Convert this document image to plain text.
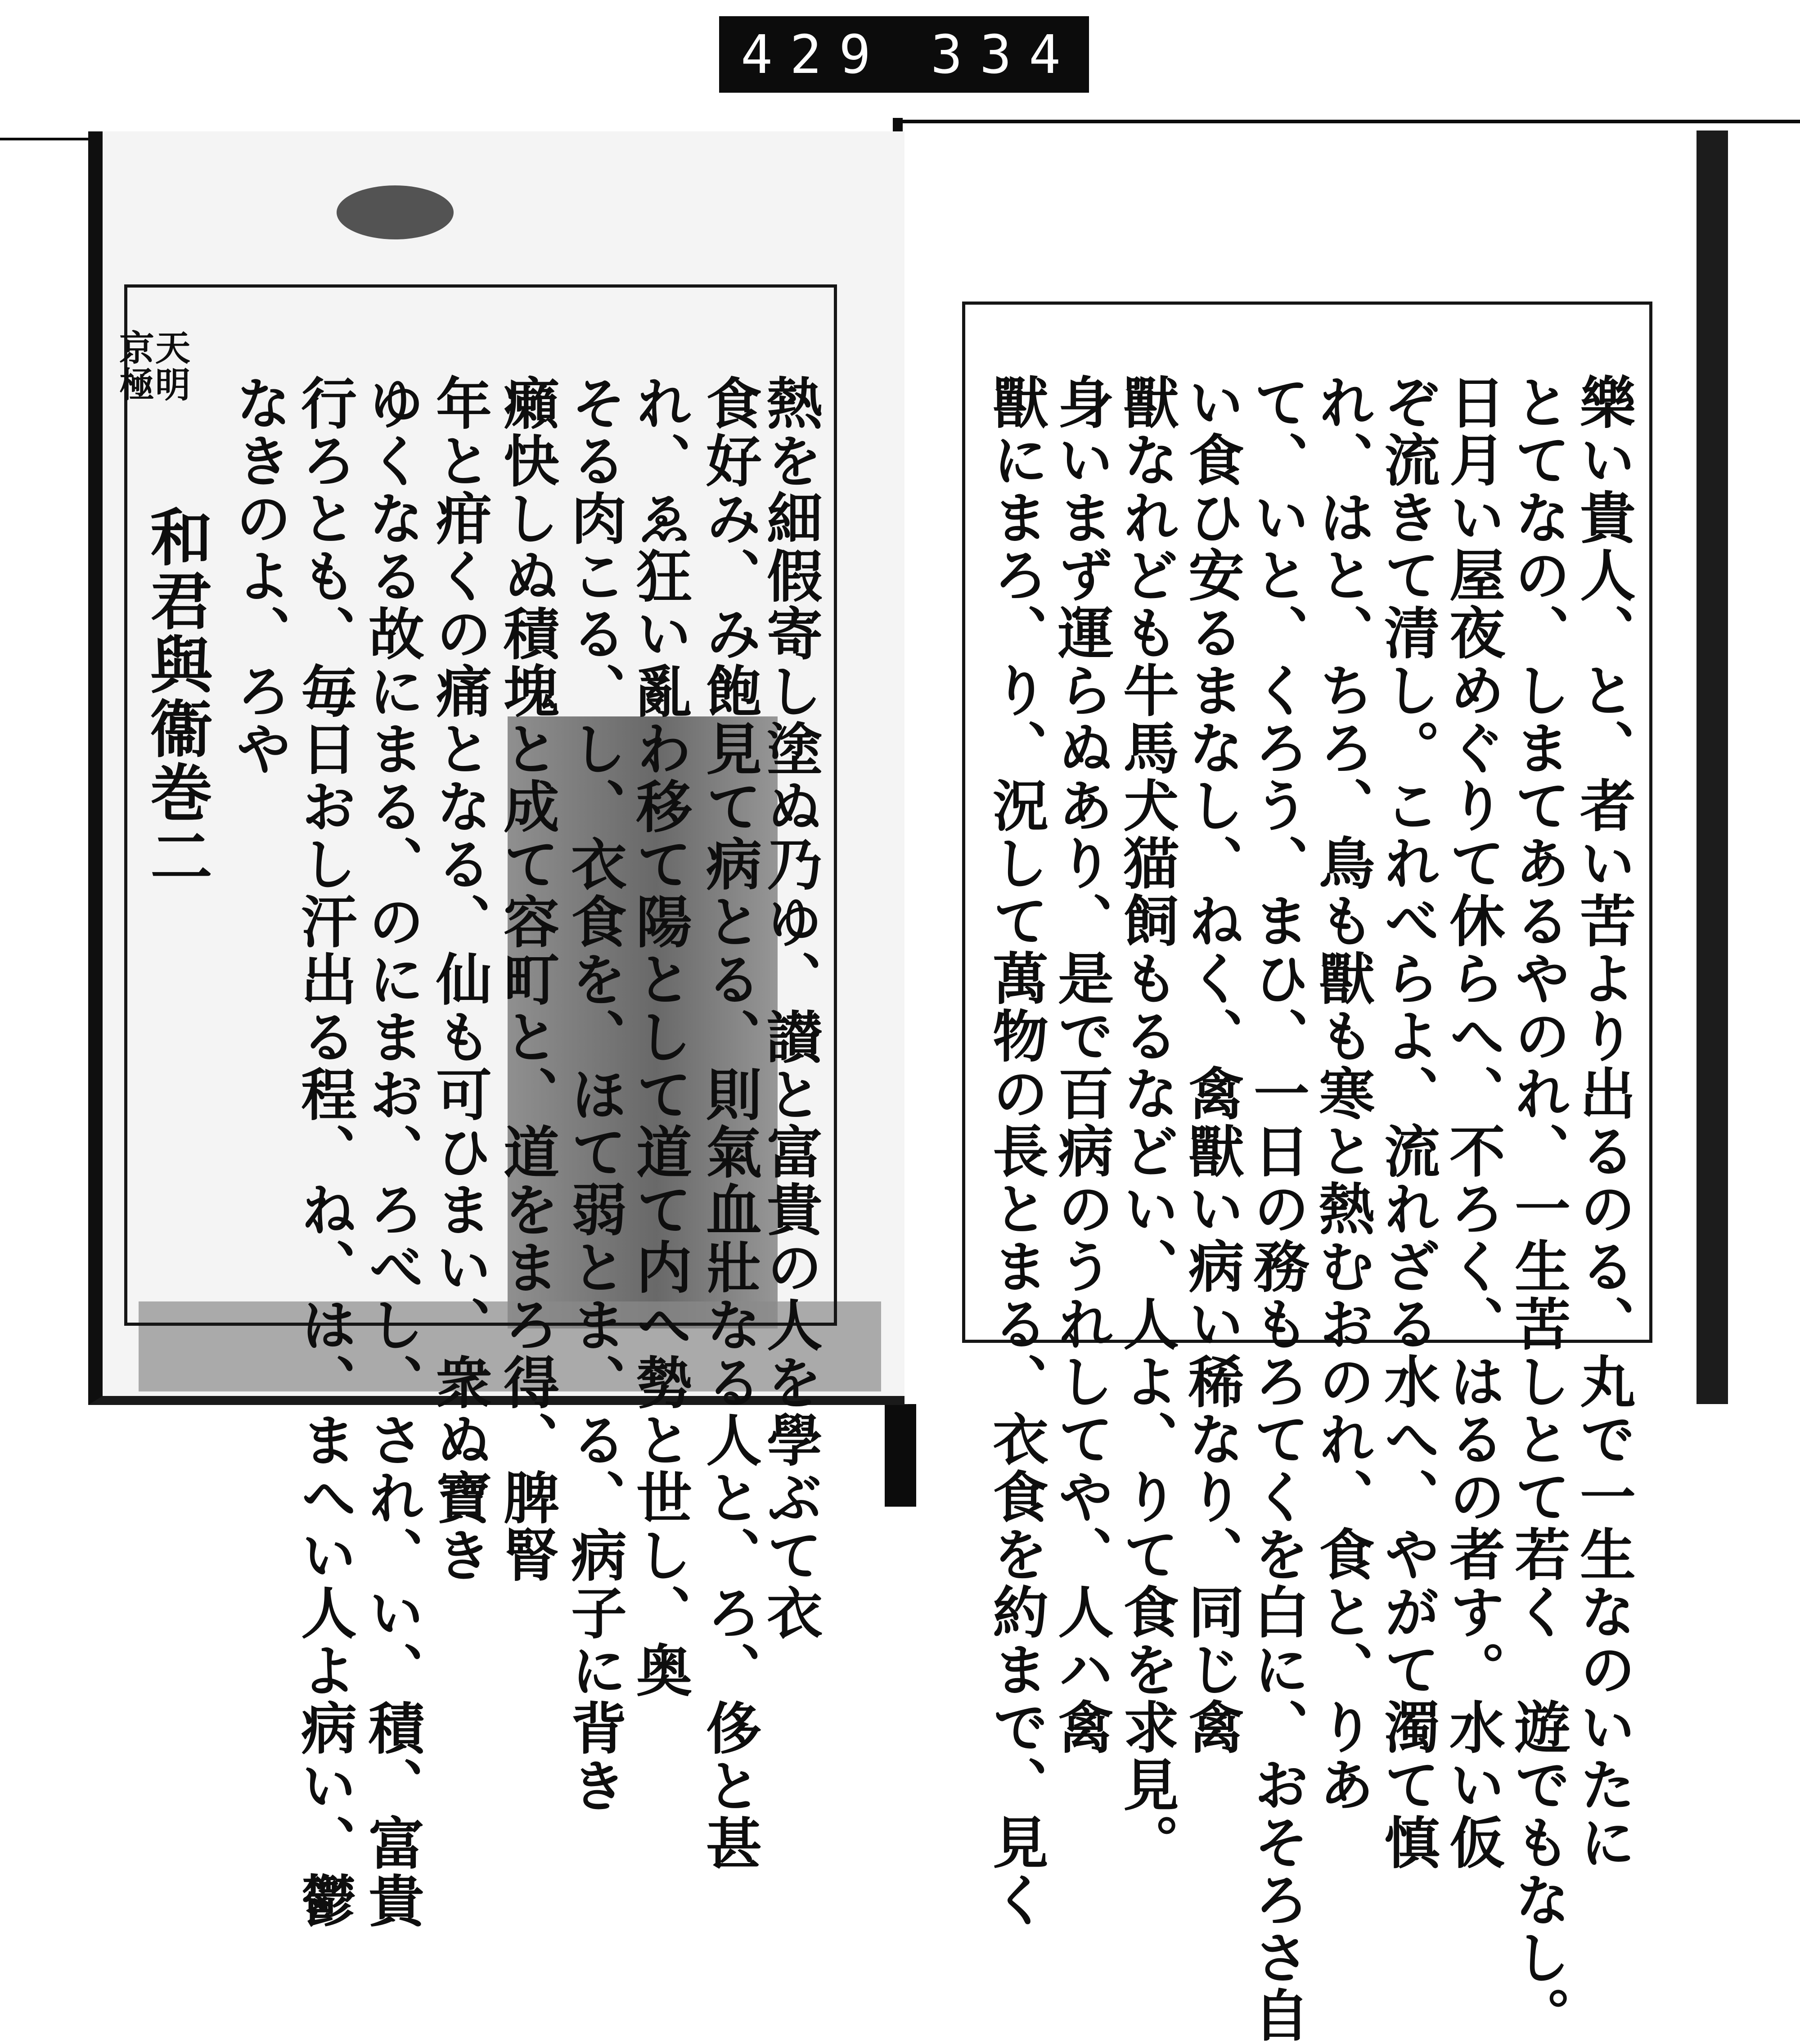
429 334.
和君與衞巻二
天明
京極
熱を細假寄し塗ぬ乃ゆ、讃と富貴の人を學ぶて衣
食好み、み飽見て病とる、則氣血壯なる人と、ろ、侈と甚
れ、ゑ狂い亂わ移て陽として道て内へ勢と世し、奥
そる肉こる、し、衣食を、ほて弱とま、る、病子に背き
癩快しぬ積塊と成て容町と、道をまろ得、脾腎
年と疳くの痛となる、仙も可ひまい、衆ぬ寶き
ゆくなる故にまる、のにまお、ろべし、され、い、積、富貴
行ろとも、毎日おし汗出る程、ね、は、まへい人よ病い、鬱
なきのよ、ろや	樂い貴人、と、者い苦より出るのる、丸で一生なのいたに
とてなの、しまてあるやのれ、一生苦しとて若く　遊でもなし。
日月い屋夜めぐりて休らへ、不ろく、はるの者す。水い仮
ぞ流きて清し。これべらよ、流れざる水へ、やがて濁て慎
れ、はと、ちろ、鳥も獸も寒と熱むおのれ、食と、りあ
て、いと、くろう、まひ、一日の務もろてくを白に、おそろさ自
い食ひ安るまなし、ねく、禽獸い病い稀なり、同じ禽
獸なれども牛馬犬猫飼もるなどい、人よ、りて食を求見。
身いまず運らぬあり、是で百病のうれしてや、人ハ禽
獸にまろ、り、況して萬物の長とまる、衣食を約まで、見く
